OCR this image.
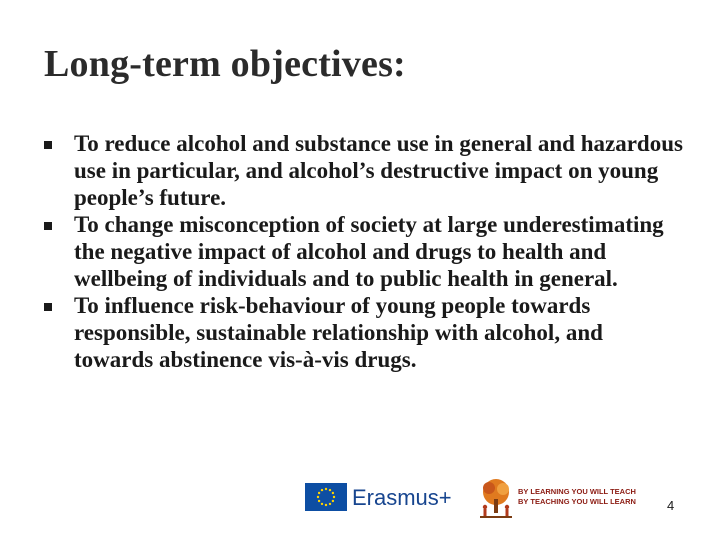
Long-term objectives:
To reduce alcohol and substance use in general and hazardous use in particular, and alcohol’s destructive impact on young people’s future.
To change misconception of society at large underestimating the negative impact of alcohol and drugs to health and wellbeing of individuals and to public health in general.
To influence risk-behaviour of young people towards responsible, sustainable relationship with alcohol, and towards abstinence vis-à-vis drugs.
Erasmus+	BY LEARNING YOU WILL TEACH
BY TEACHING YOU WILL LEARN 4
